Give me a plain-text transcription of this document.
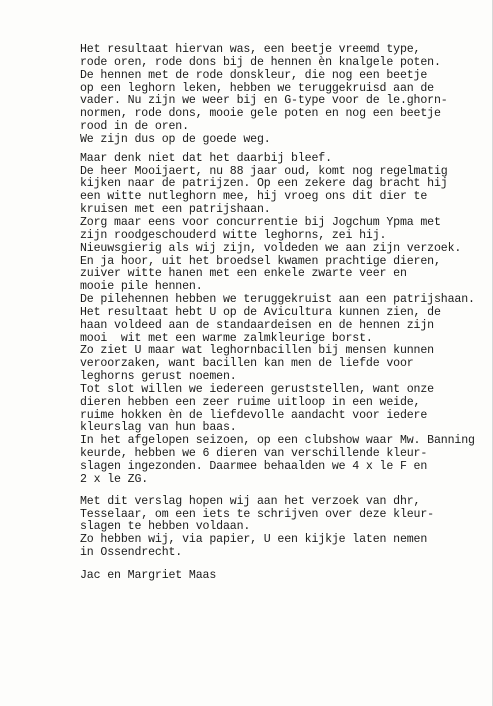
Het resultaat hiervan was, een beetje vreemd type,
rode oren, rode dons bij de hennen èn knalgele poten.
De hennen met de rode donskleur, die nog een beetje
op een leghorn leken, hebben we teruggekruisd aan de
vader. Nu zijn we weer bij en G-type voor de le.ghorn-
normen, rode dons, mooie gele poten en nog een beetje
rood in de oren.
We zijn dus op de goede weg.
Maar denk niet dat het daarbij bleef.
De heer Mooijaert, nu 88 jaar oud, komt nog regelmatig
kijken naar de patrijzen. Op een zekere dag bracht hij
een witte nutleghorn mee, hij vroeg ons dit dier te
kruisen met een patrijshaan.
Zorg maar eens voor concurrentie bij Jogchum Ypma met
zijn roodgeschouderd witte leghorns, zei hij.
Nieuwsgierig als wij zijn, voldeden we aan zijn verzoek.
En ja hoor, uit het broedsel kwamen prachtige dieren,
zuiver witte hanen met een enkele zwarte veer en
mooie pile hennen.
De pilehennen hebben we teruggekruist aan een patrijshaan.
Het resultaat hebt U op de Avicultura kunnen zien, de
haan voldeed aan de standaardeisen en de hennen zijn
mooi  wit met een warme zalmkleurige borst.
Zo ziet U maar wat leghornbacillen bij mensen kunnen
veroorzaken, want bacillen kan men de liefde voor
leghorns gerust noemen.
Tot slot willen we iedereen geruststellen, want onze
dieren hebben een zeer ruime uitloop in een weide,
ruime hokken èn de liefdevolle aandacht voor iedere
kleurslag van hun baas.
In het afgelopen seizoen, op een clubshow waar Mw. Banning
keurde, hebben we 6 dieren van verschillende kleur-
slagen ingezonden. Daarmee behaalden we 4 x le F en
2 x le ZG.
Met dit verslag hopen wij aan het verzoek van dhr,
Tesselaar, om een iets te schrijven over deze kleur-
slagen te hebben voldaan.
Zo hebben wij, via papier, U een kijkje laten nemen
in Ossendrecht.
Jac en Margriet Maas
